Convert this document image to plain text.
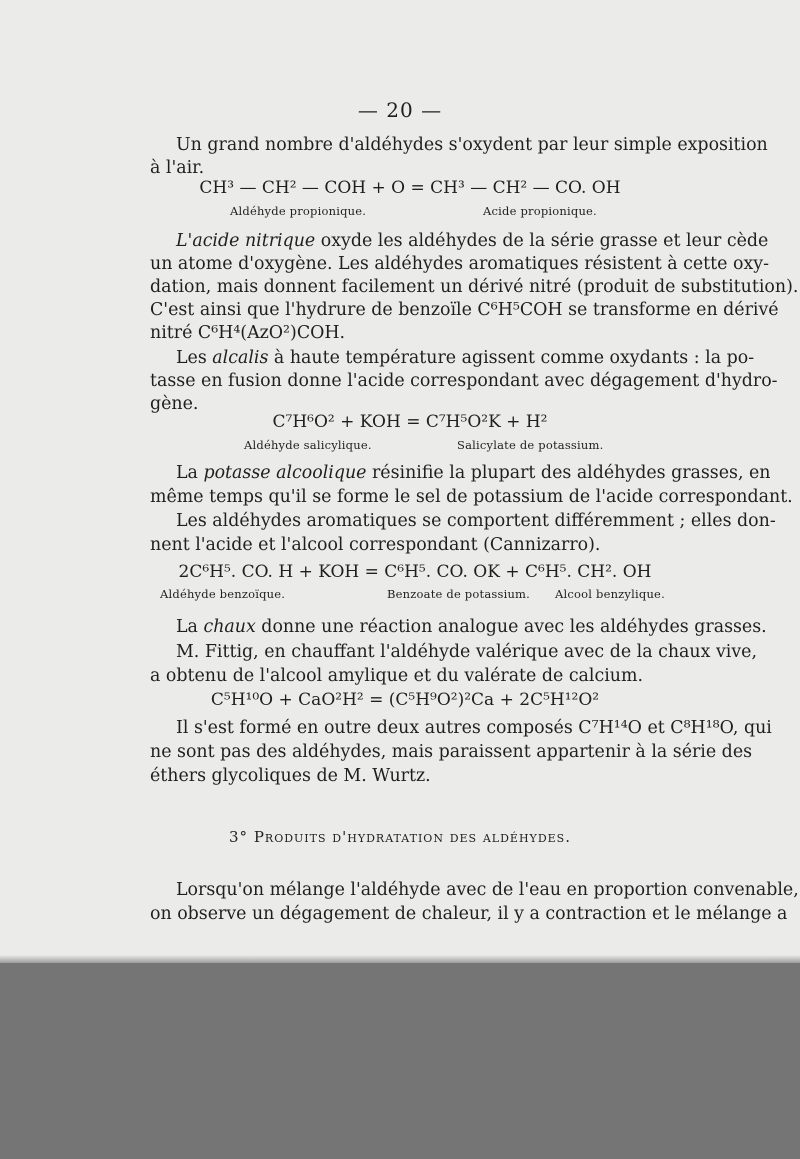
— 20 —
Un grand nombre d'aldéhydes s'oxydent par leur simple exposition
à l'air.
CH³ — CH² — COH + O = CH³ — CH² — CO. OH
Aldéhyde propionique.	Acide propionique.
L'acide nitrique oxyde les aldéhydes de la série grasse et leur cède
un atome d'oxygène. Les aldéhydes aromatiques résistent à cette oxy-
dation, mais donnent facilement un dérivé nitré (produit de substitution).
C'est ainsi que l'hydrure de benzoïle C⁶H⁵COH se transforme en dérivé
nitré C⁶H⁴(AzO²)COH.
Les alcalis à haute température agissent comme oxydants : la po-
tasse en fusion donne l'acide correspondant avec dégagement d'hydro-
gène.
C⁷H⁶O² + KOH = C⁷H⁵O²K + H²
Aldéhyde salicylique.	Salicylate de potassium.
La potasse alcoolique résinifie la plupart des aldéhydes grasses, en
même temps qu'il se forme le sel de potassium de l'acide correspondant.
Les aldéhydes aromatiques se comportent différemment ; elles don-
nent l'acide et l'alcool correspondant (Cannizarro).
2C⁶H⁵. CO. H + KOH = C⁶H⁵. CO. OK + C⁶H⁵. CH². OH
Aldéhyde benzoïque.	Benzoate de potassium. Alcool benzylique.
La chaux donne une réaction analogue avec les aldéhydes grasses.
M. Fittig, en chauffant l'aldéhyde valérique avec de la chaux vive,
a obtenu de l'alcool amylique et du valérate de calcium.
C⁵H¹⁰O + CaO²H² = (C⁵H⁹O²)²Ca + 2C⁵H¹²O²
Il s'est formé en outre deux autres composés C⁷H¹⁴O et C⁸H¹⁸O, qui
ne sont pas des aldéhydes, mais paraissent appartenir à la série des
éthers glycoliques de M. Wurtz.
3° Produits d'hydratation des aldéhydes.
Lorsqu'on mélange l'aldéhyde avec de l'eau en proportion convenable,
on observe un dégagement de chaleur, il y a contraction et le mélange a
